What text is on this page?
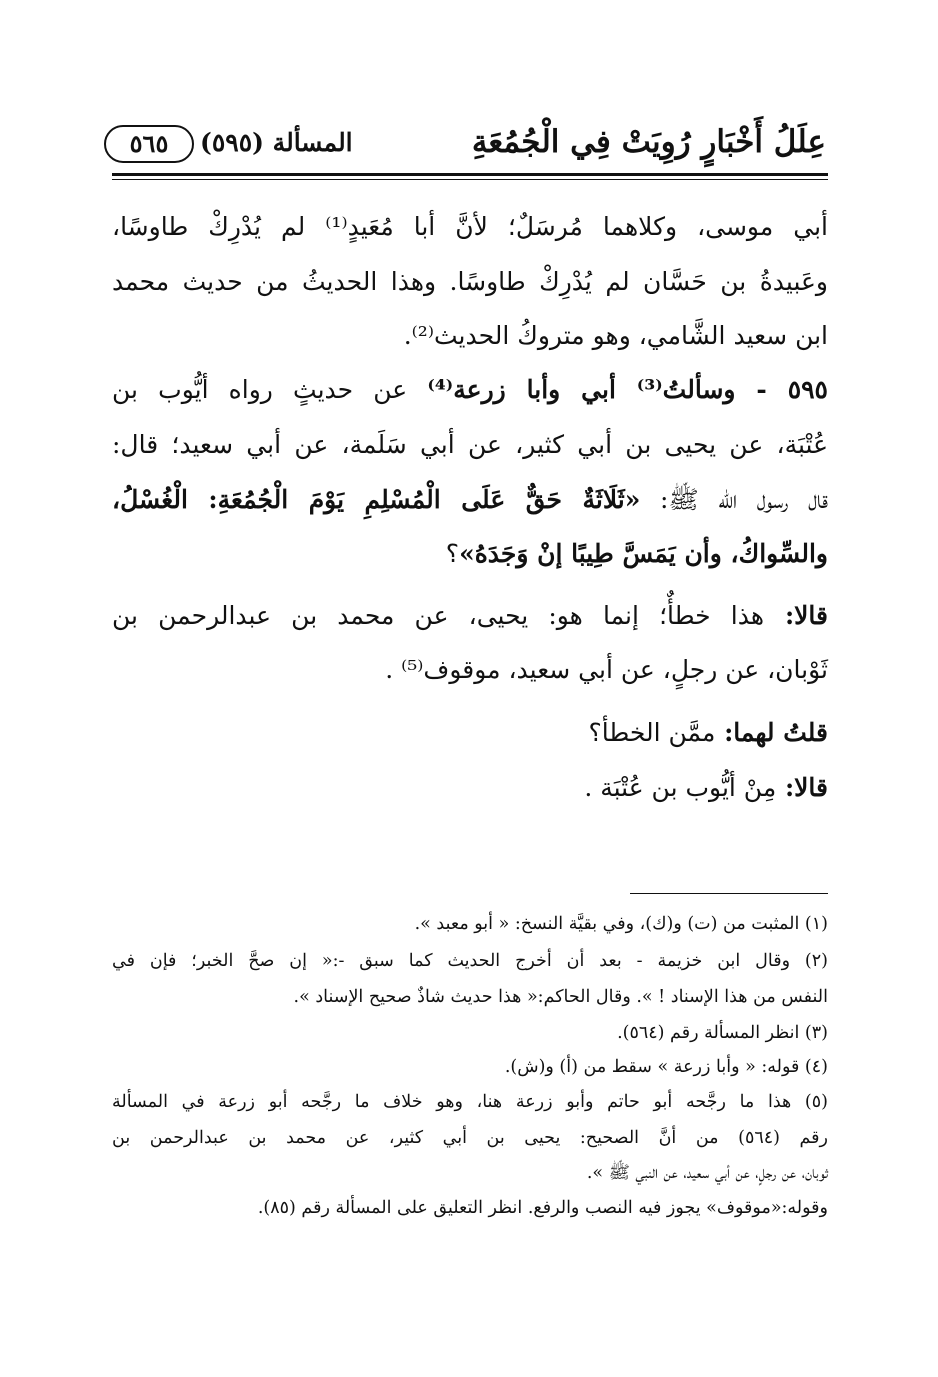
عِلَلُ أَخْبَارٍ رُوِيَتْ فِي الْجُمُعَةِ
المسألة (٥٩٥)
٥٦٥
أبي موسى، وكلاهما مُرسَلٌ؛ لأنَّ أبا مُعَيدٍ⁽¹⁾ لم يُدْرِكْ طاوسًا،
وعَبيدةُ بن حَسَّان لم يُدْرِكْ طاوسًا. وهذا الحديثُ من حديث محمد
ابن سعيد الشَّامي، وهو متروكُ الحديث⁽²⁾.
٥٩٥ - وسألتُ⁽³⁾ أبي وأبا زرعة⁽⁴⁾ عن حديثٍ رواه أيُّوب بن
عُتْبَة، عن يحيى بن أبي كثير، عن أبي سَلَمة، عن أبي سعيد؛ قال:
قال رسول الله ﷺ: «ثَلَاثَةٌ حَقٌّ عَلَى الْمُسْلِمِ يَوْمَ الْجُمُعَةِ: الْغُسْلُ،
والسِّواكُ، وأن يَمَسَّ طِيبًا إنْ وَجَدَهُ»؟
قالا: هذا خطأٌ؛ إنما هو: يحيى، عن محمد بن عبدالرحمن بن
ثَوْبان، عن رجلٍ، عن أبي سعيد، موقوف⁽⁵⁾ .
قلتُ لهما: ممَّن الخطأ؟
قالا: مِنْ أيُّوب بن عُتْبَة .
(١) المثبت من (ت) و(ك)، وفي بقيَّة النسخ: « أبو معبد ».
(٢) وقال ابن خزيمة - بعد أن أخرج الحديث كما سبق -:« إن صحَّ الخبر؛ فإن في
النفس من هذا الإسناد ! ». وقال الحاكم:« هذا حديث شاذٌ صحيح الإسناد ».
(٣) انظر المسألة رقم (٥٦٤).
(٤) قوله: « وأبا زرعة » سقط من (أ) و(ش).
(٥) هذا ما رجَّحه أبو حاتم وأبو زرعة هنا، وهو خلاف ما رجَّحه أبو زرعة في المسألة
رقم (٥٦٤) من أنَّ الصحيح: يحيى بن أبي كثير، عن محمد بن عبدالرحمن بن
ثوبان، عن رجلٍ، عن أبي سعيد، عن النبي ﷺ ».
وقوله:«موقوف» يجوز فيه النصب والرفع. انظر التعليق على المسألة رقم (٨٥).
